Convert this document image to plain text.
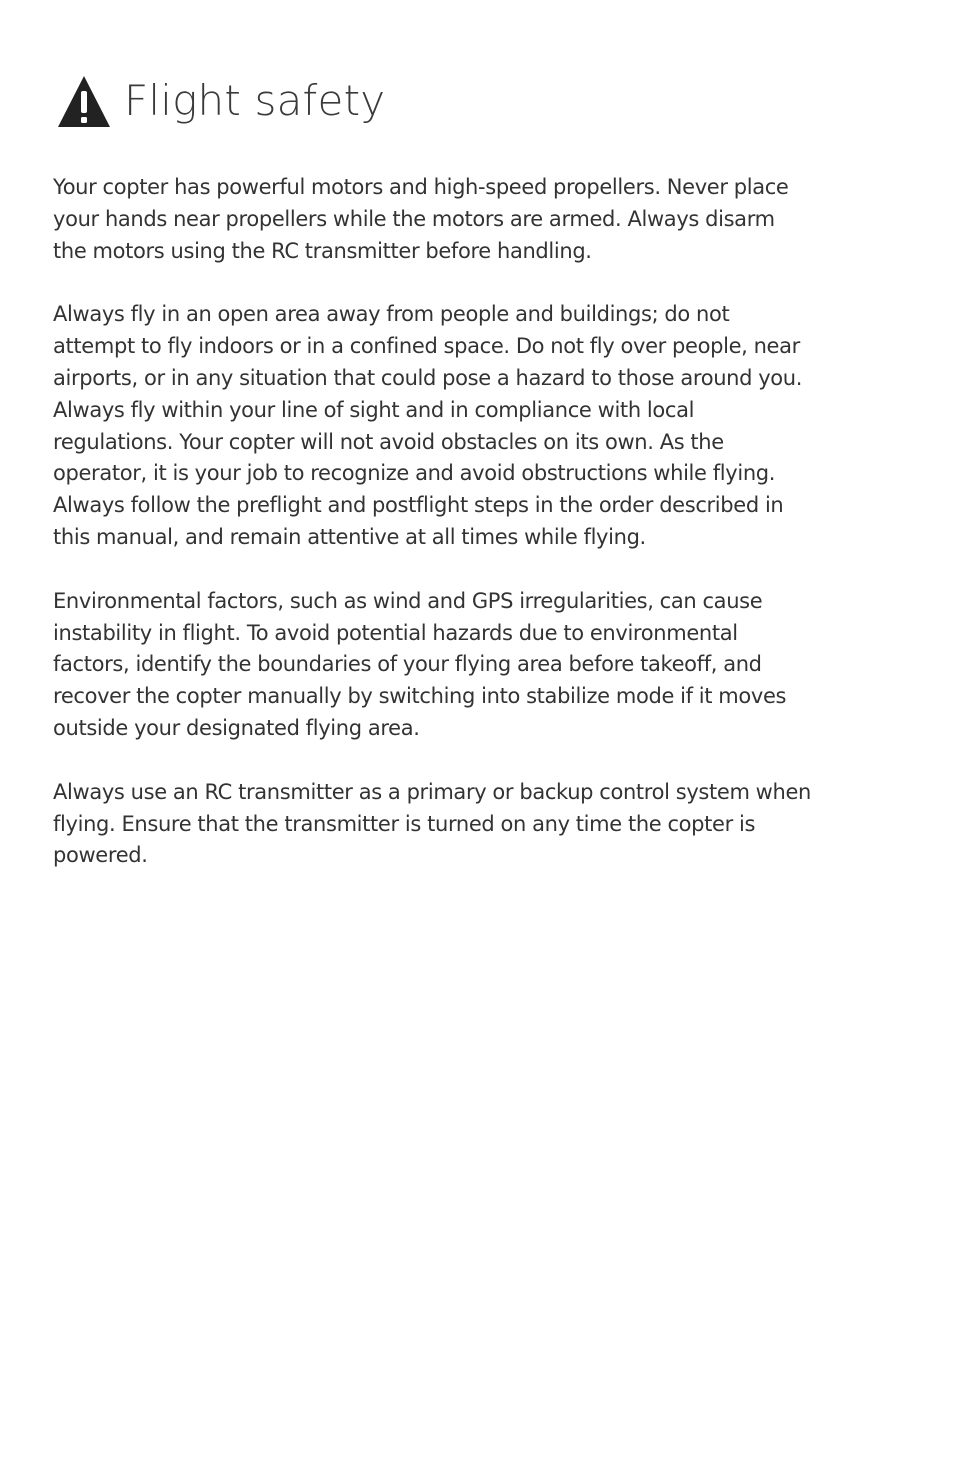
Flight safety

Your copter has powerful motors and high-speed propellers. Never place your hands near propellers while the motors are armed. Always disarm the motors using the RC transmitter before handling.

Always fly in an open area away from people and buildings; do not attempt to fly indoors or in a confined space. Do not fly over people, near airports, or in any situation that could pose a hazard to those around you. Always fly within your line of sight and in compliance with local regulations. Your copter will not avoid obstacles on its own. As the operator, it is your job to recognize and avoid obstructions while flying. Always follow the preflight and postflight steps in the order described in this manual, and remain attentive at all times while flying.

Environmental factors, such as wind and GPS irregularities, can cause instability in flight. To avoid potential hazards due to environmental factors, identify the boundaries of your flying area before takeoff, and recover the copter manually by switching into stabilize mode if it moves outside your designated flying area.

Always use an RC transmitter as a primary or backup control system when flying. Ensure that the transmitter is turned on any time the copter is powered.
